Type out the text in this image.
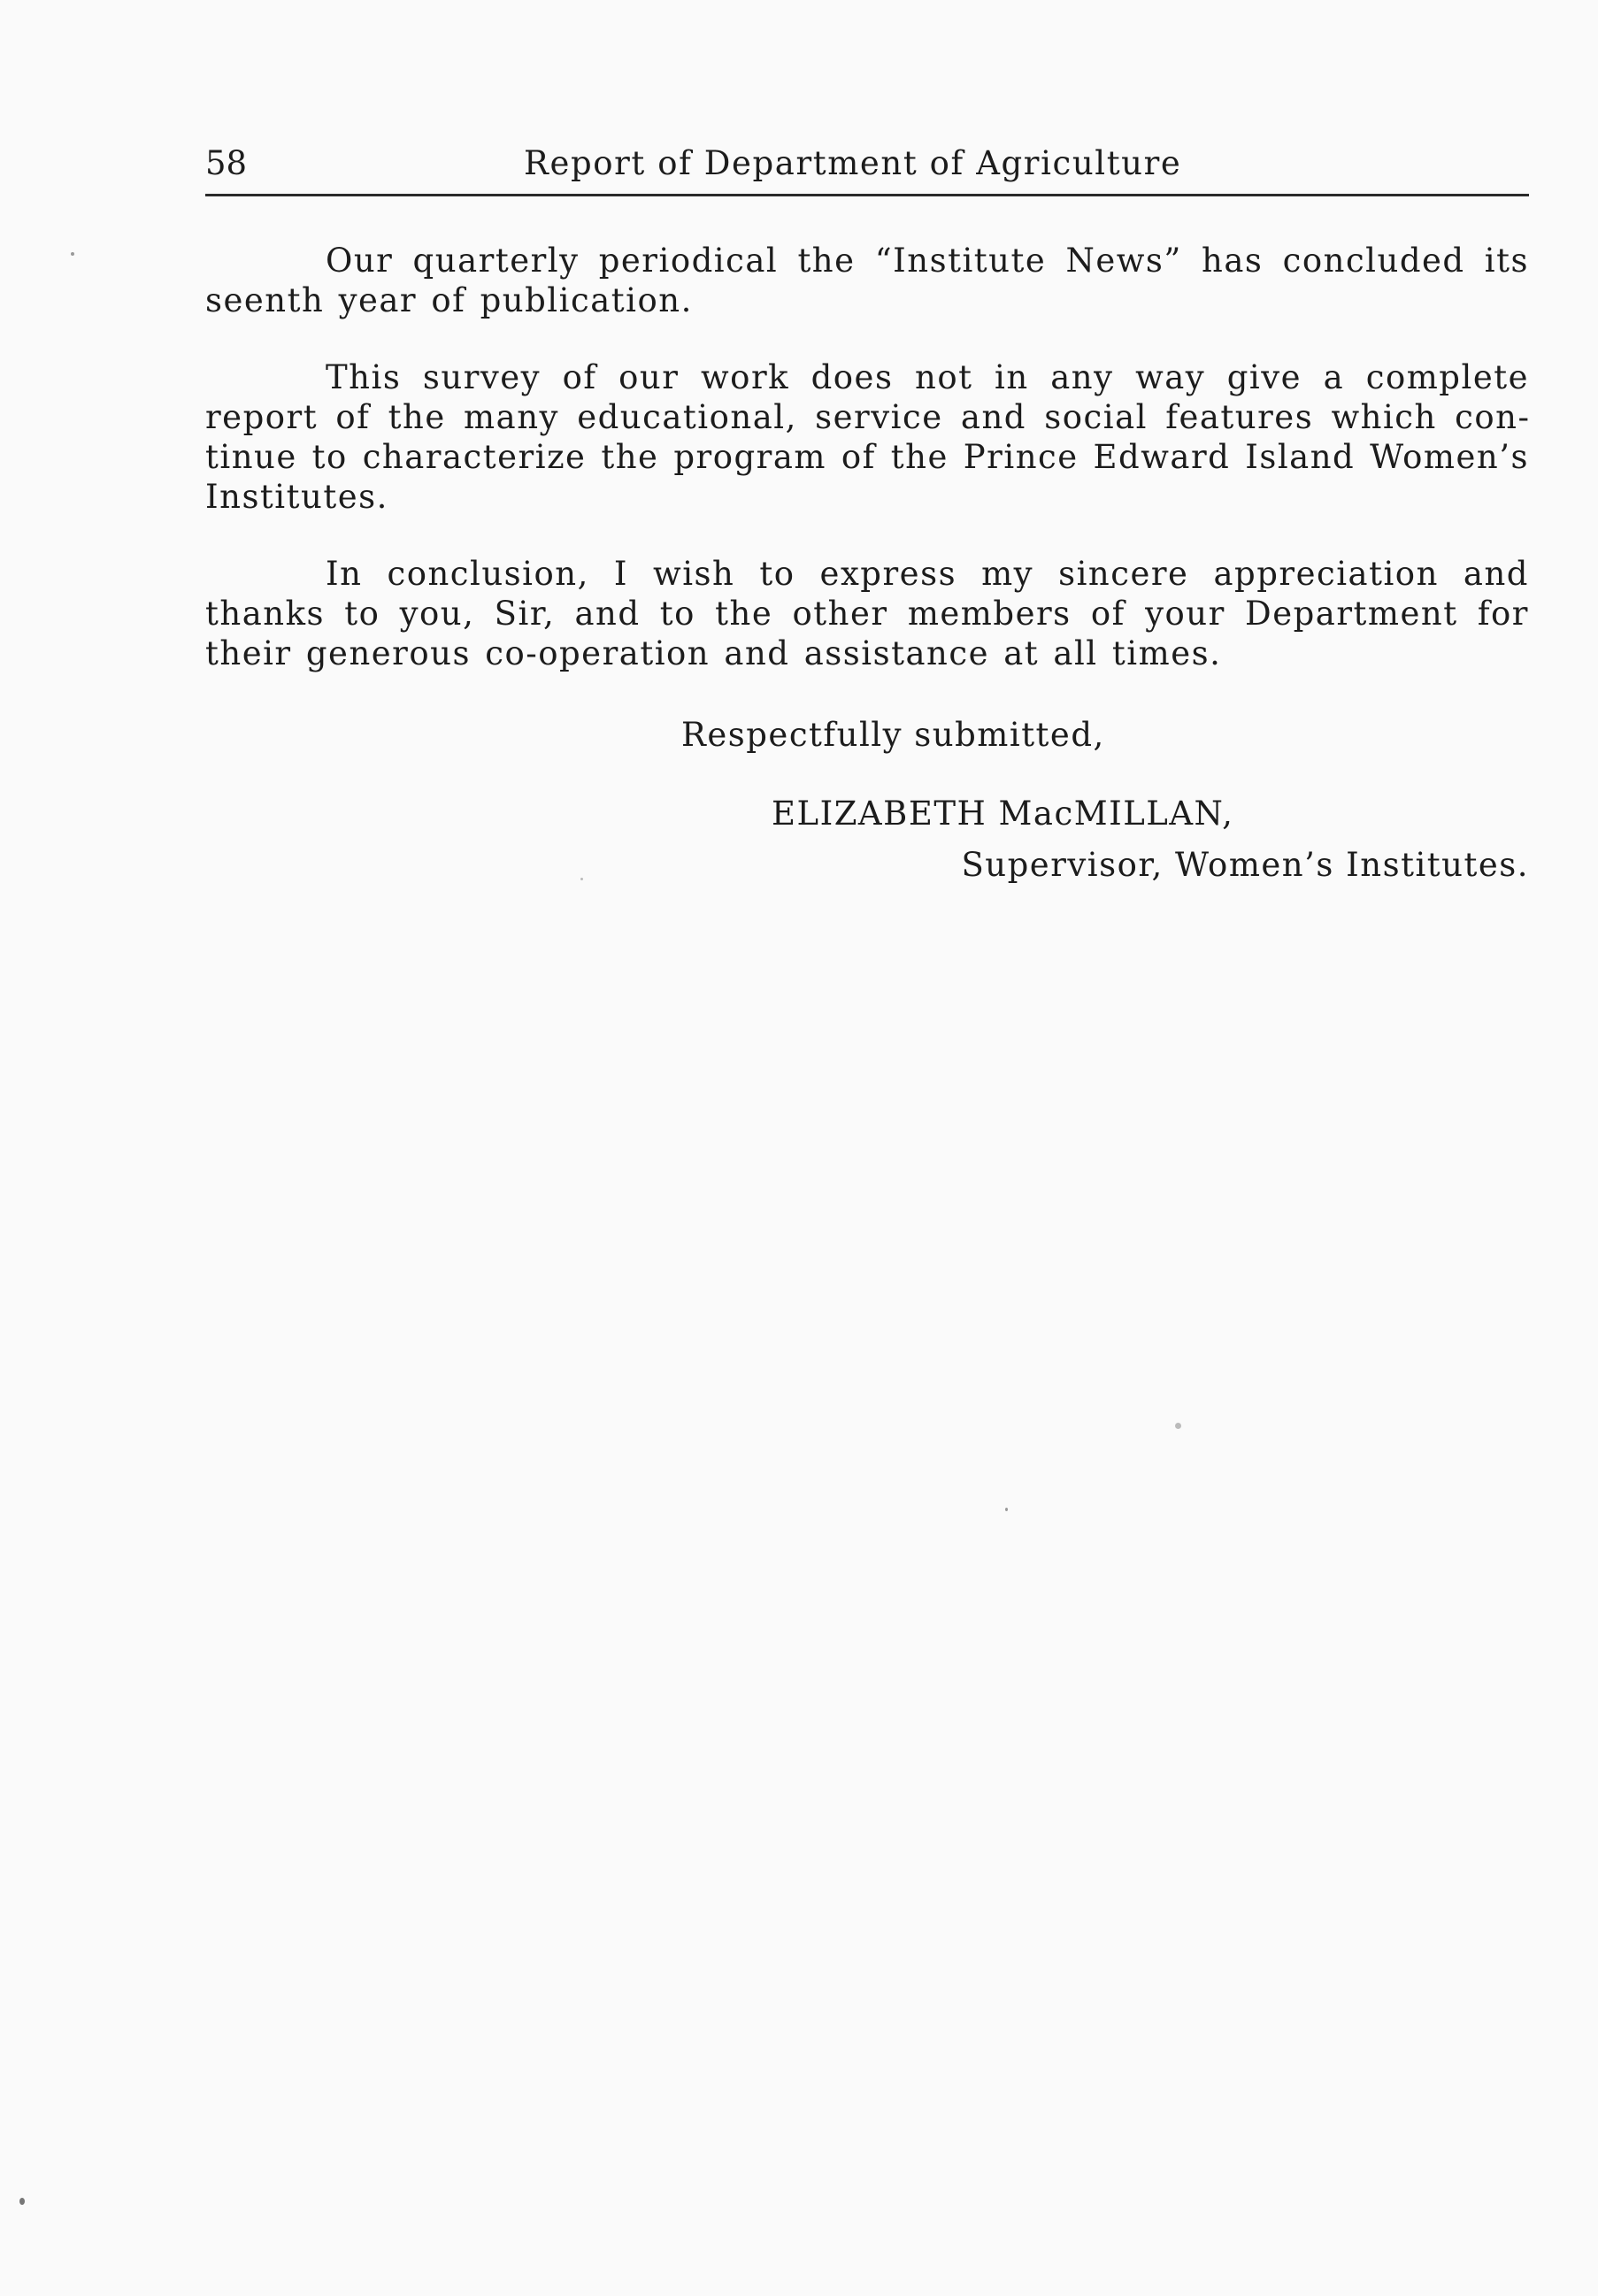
58	Report of Department of Agriculture

Our quarterly periodical the “Institute News” has concluded its seenth year of publication.

This survey of our work does not in any way give a complete report of the many educational, service and social features which continue to characterize the program of the Prince Edward Island Women’s Institutes.

In conclusion, I wish to express my sincere appreciation and thanks to you, Sir, and to the other members of your Department for their generous co-operation and assistance at all times.

Respectfully submitted,
ELIZABETH MacMILLAN,
Supervisor, Women’s Institutes.
